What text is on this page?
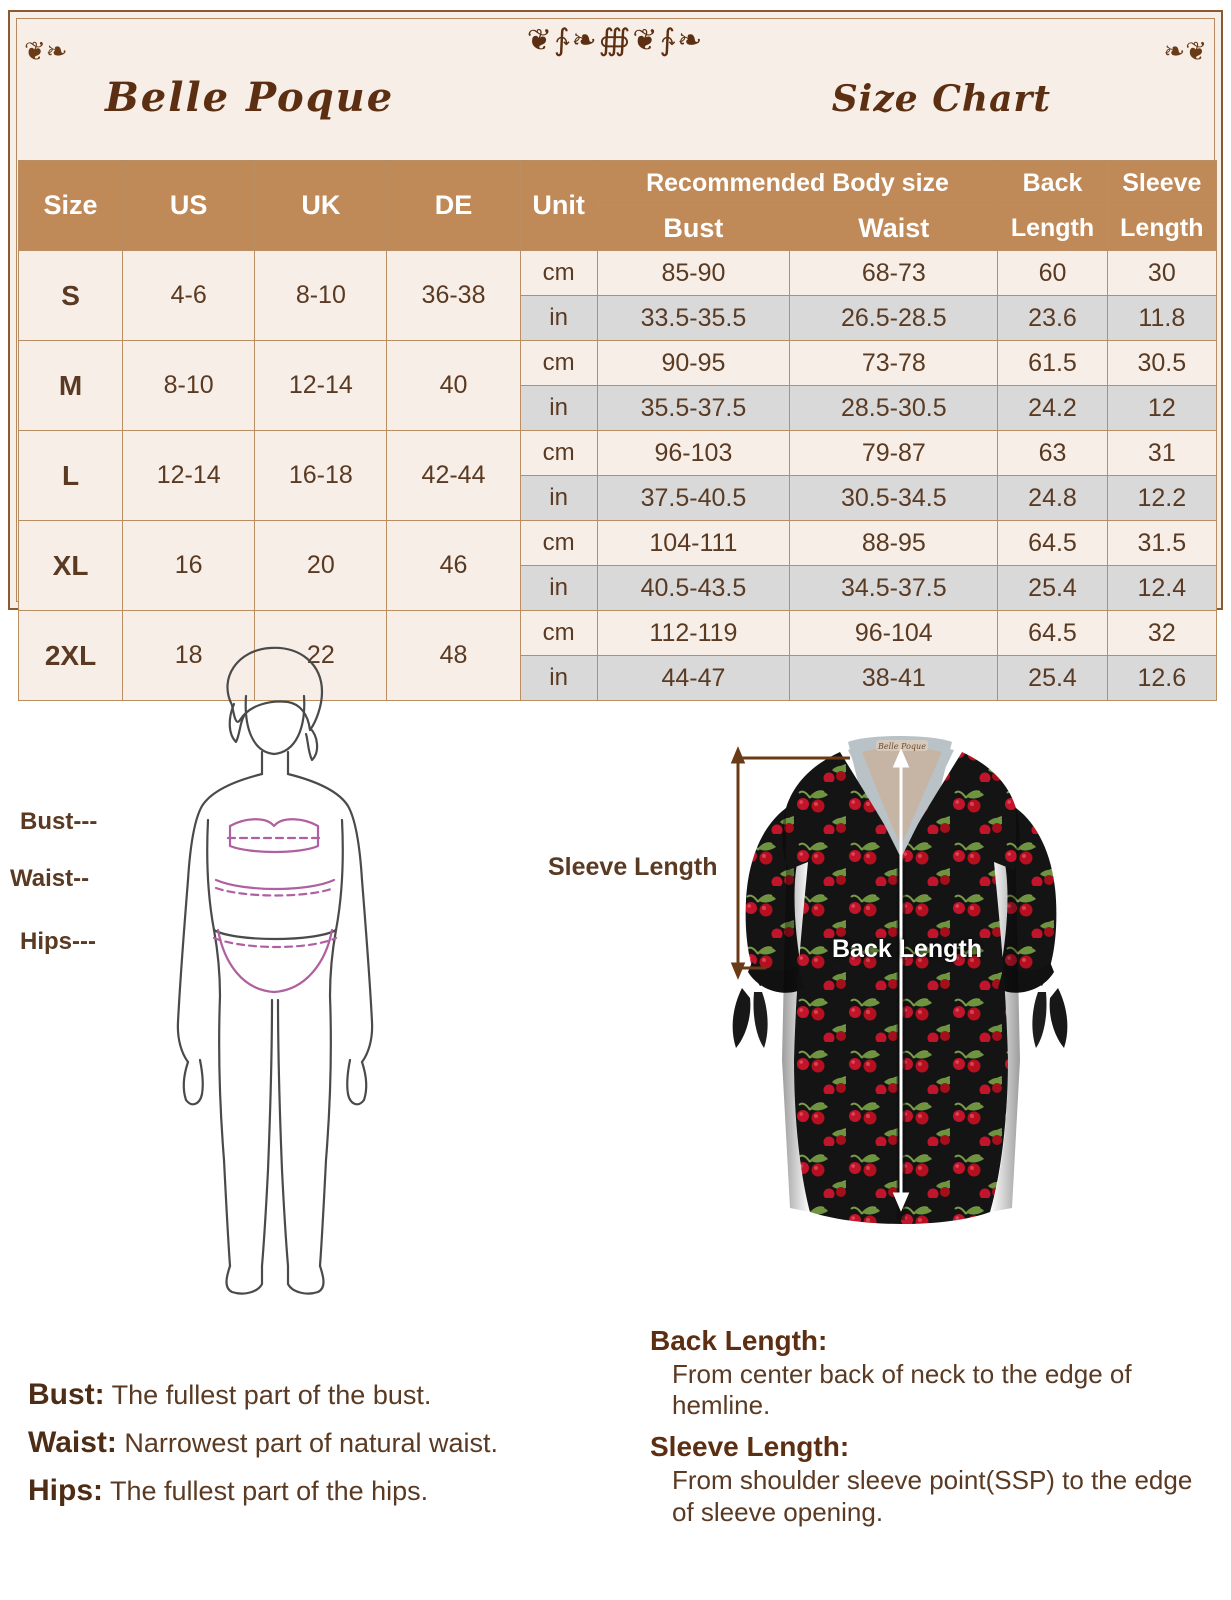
❦❧	❧❦
❦∱❧∰❦∱❧
Belle Poque	Size Chart
Size	US	UK	DE	Unit	Recommended Body size		Back	Sleeve
					Bust	Waist	Length	Length
S	4-6	8-10	36-38	cm	85-90	68-73	60	30
				in	33.5-35.5	26.5-28.5	23.6	11.8
M	8-10	12-14	40	cm	90-95	73-78	61.5	30.5
				in	35.5-37.5	28.5-30.5	24.2	12
L	12-14	16-18	42-44	cm	96-103	79-87	63	31
				in	37.5-40.5	30.5-34.5	24.8	12.2
XL	16	20	46	cm	104-111	88-95	64.5	31.5
				in	40.5-43.5	34.5-37.5	25.4	12.4
2XL	18	22	48	cm	112-119	96-104	64.5	32
				in	44-47	38-41	25.4	12.6
Bust---
Waist--
Hips---
Belle Poque
Sleeve Length
Back Length
Bust: The fullest part of the bust.
Waist: Narrowest part of natural waist.
Hips: The fullest part of the hips.
Back Length:
From center back of neck to the edge of hemline.
Sleeve Length:
From shoulder sleeve point(SSP) to the edge of sleeve opening.
